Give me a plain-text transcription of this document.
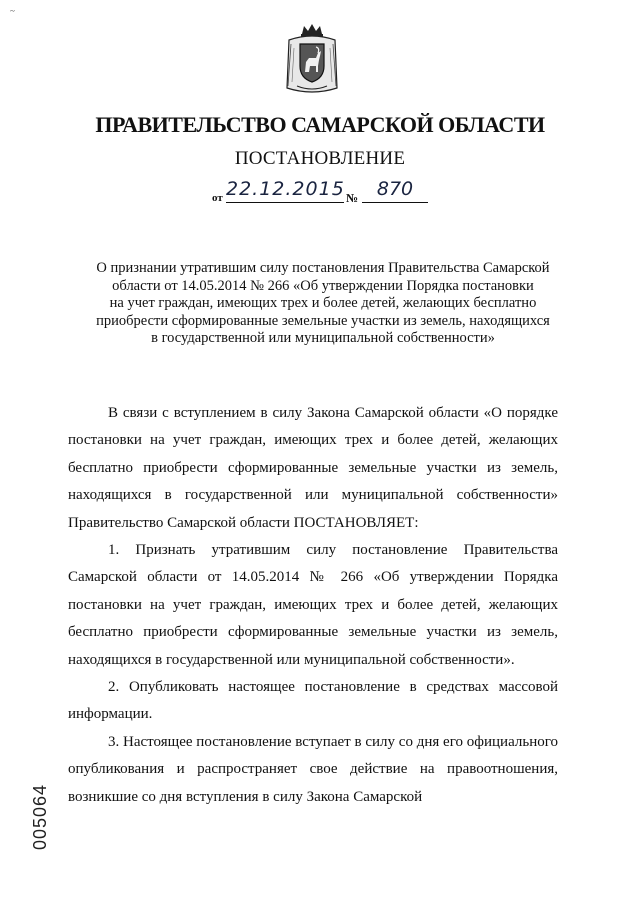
~
ПРАВИТЕЛЬСТВО САМАРСКОЙ ОБЛАСТИ
ПОСТАНОВЛЕНИЕ
от 22.12.2015 № 870
О признании утратившим силу постановления Правительства Самарской
области от 14.05.2014 № 266 «Об утверждении Порядка постановки
на учет граждан, имеющих трех и более детей, желающих бесплатно
приобрести сформированные земельные участки из земель, находящихся
в государственной или муниципальной собственности»

В связи с вступлением в силу Закона Самарской области «О порядке постановки на учет граждан, имеющих трех и более детей, желающих бесплатно приобрести сформированные земельные участки из земель, находящихся в государственной или муниципальной собственности» Правительство Самарской области ПОСТАНОВЛЯЕТ:

1. Признать утратившим силу постановление Правительства Самарской области от 14.05.2014 № 266 «Об утверждении Порядка постановки на учет граждан, имеющих трех и более детей, желающих бесплатно приобрести сформированные земельные участки из земель, находящихся в государственной или муниципальной собственности».

2. Опубликовать настоящее постановление в средствах массовой информации.

3. Настоящее постановление вступает в силу со дня его официального опубликования и распространяет свое действие на правоотношения, возникшие со дня вступления в силу Закона Самарской

005064
